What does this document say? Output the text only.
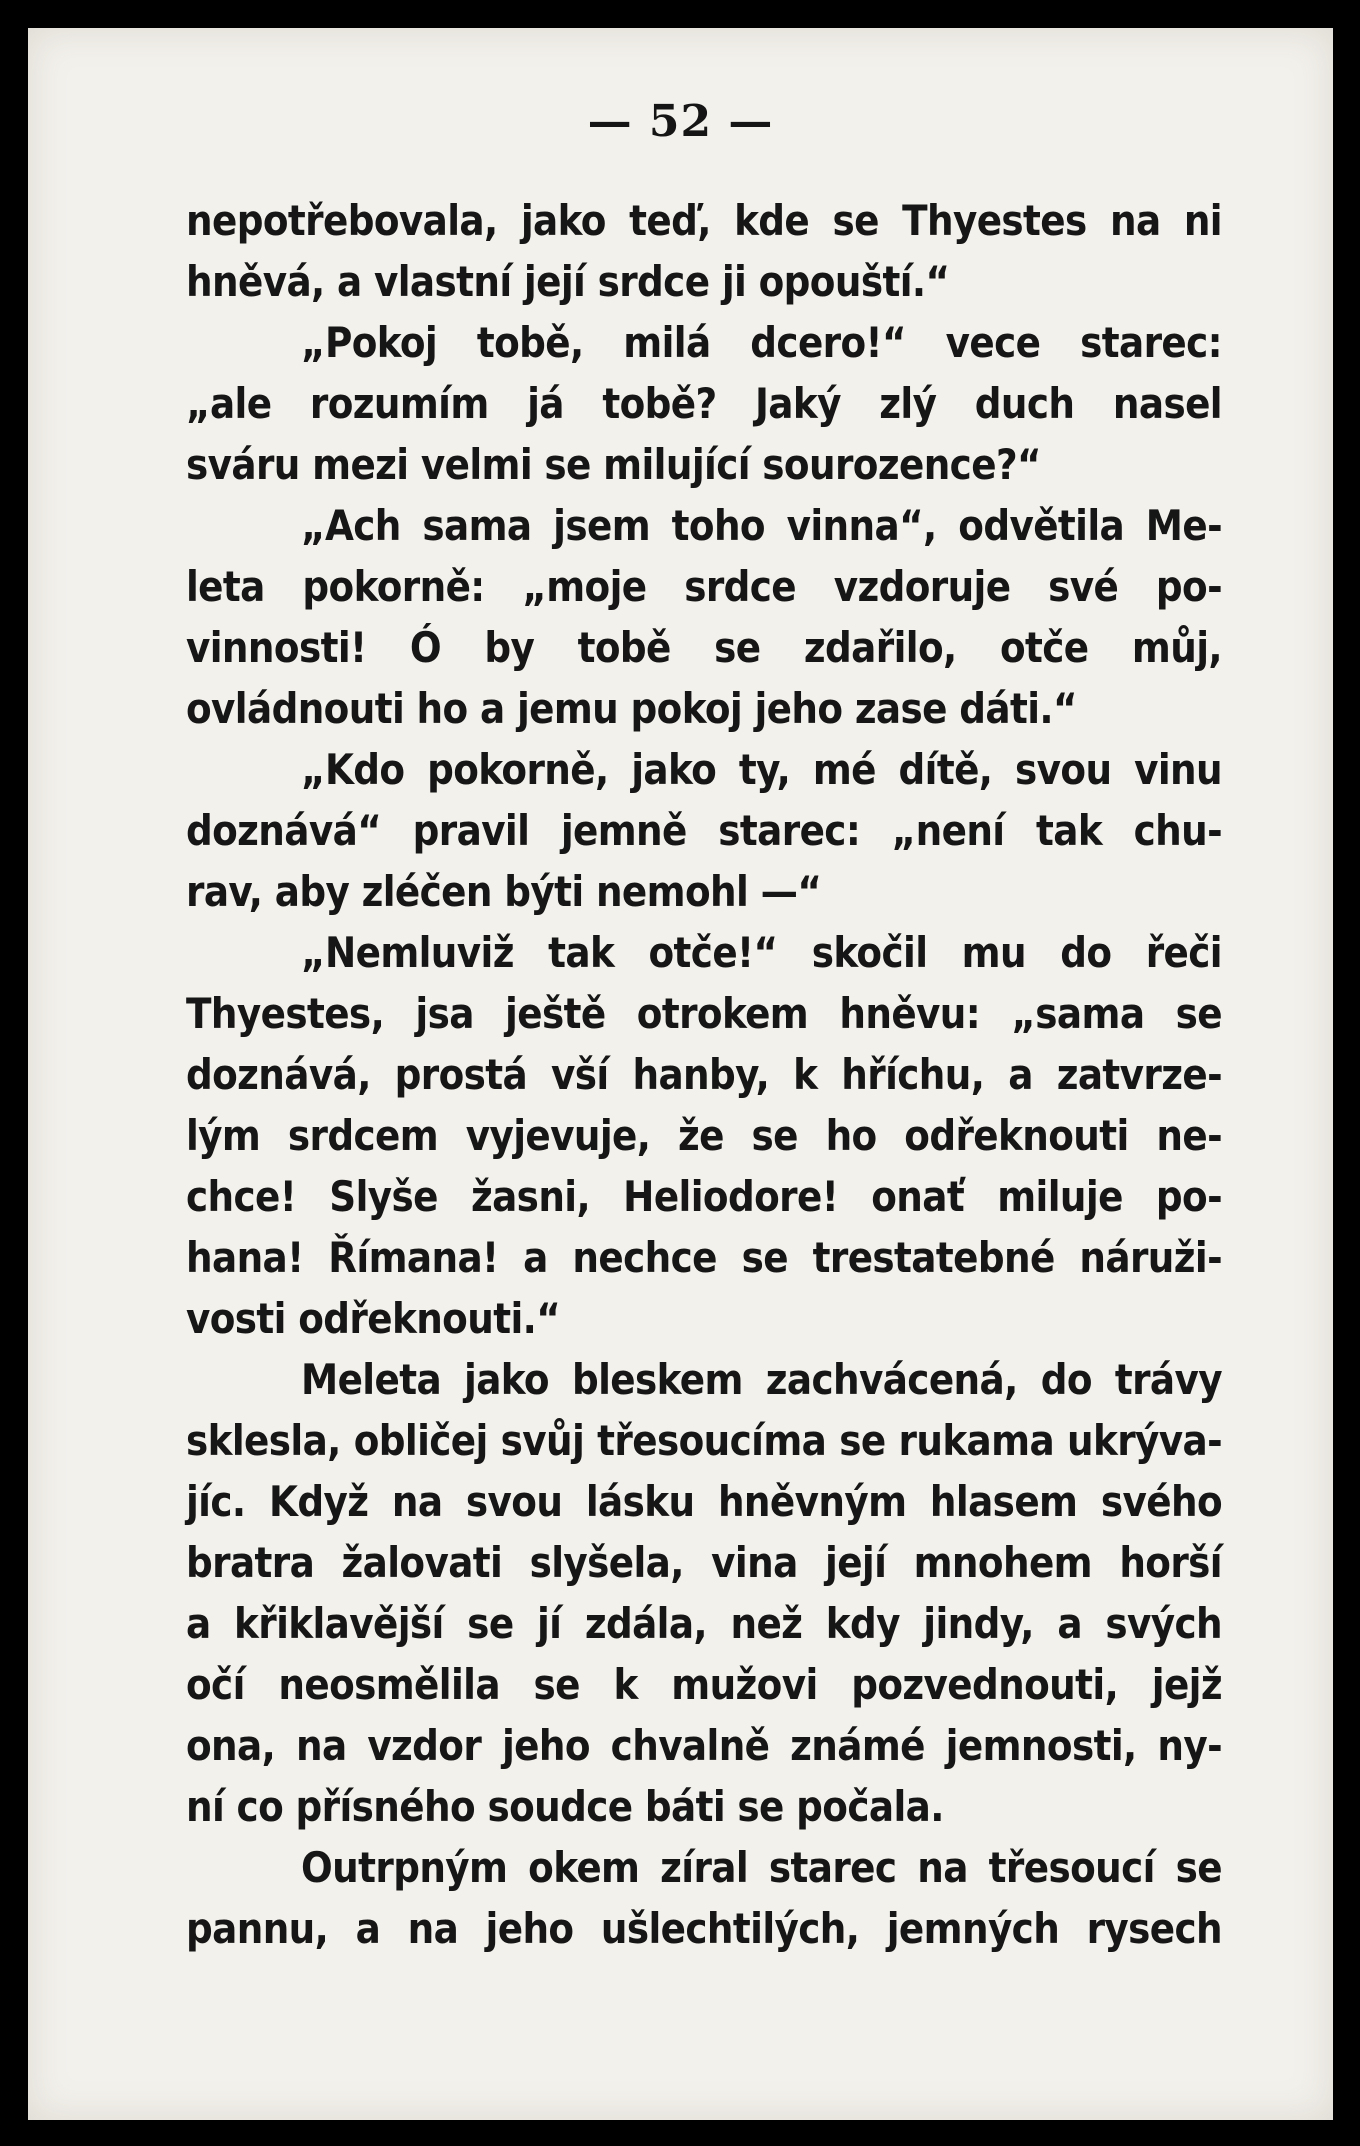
— 52 —
nepotřebovala, jako teď, kde se Thyestes na ni
hněvá, a vlastní její srdce ji opouští.“
„Pokoj tobě, milá dcero!“ vece starec:
„ale rozumím já tobě? Jaký zlý duch nasel
sváru mezi velmi se milující sourozence?“
„Ach sama jsem toho vinna“, odvětila Me-
leta pokorně: „moje srdce vzdoruje své po-
vinnosti! Ó by tobě se zdařilo, otče můj,
ovládnouti ho a jemu pokoj jeho zase dáti.“
„Kdo pokorně, jako ty, mé dítě, svou vinu
doznává“ pravil jemně starec: „není tak chu-
rav, aby zléčen býti nemohl —“
„Nemluviž tak otče!“ skočil mu do řeči
Thyestes, jsa ještě otrokem hněvu: „sama se
doznává, prostá vší hanby, k hříchu, a zatvrze-
lým srdcem vyjevuje, že se ho odřeknouti ne-
chce! Slyše žasni, Heliodore! onať miluje po-
hana! Římana! a nechce se trestatebné náruži-
vosti odřeknouti.“
Meleta jako bleskem zachvácená, do trávy
sklesla, obličej svůj třesoucíma se rukama ukrýva-
jíc. Když na svou lásku hněvným hlasem svého
bratra žalovati slyšela, vina její mnohem horší
a křiklavější se jí zdála, než kdy jindy, a svých
očí neosmělila se k mužovi pozvednouti, jejž
ona, na vzdor jeho chvalně známé jemnosti, ny-
ní co přísného soudce báti se počala.
Outrpným okem zíral starec na třesoucí se
pannu, a na jeho ušlechtilých, jemných rysech
